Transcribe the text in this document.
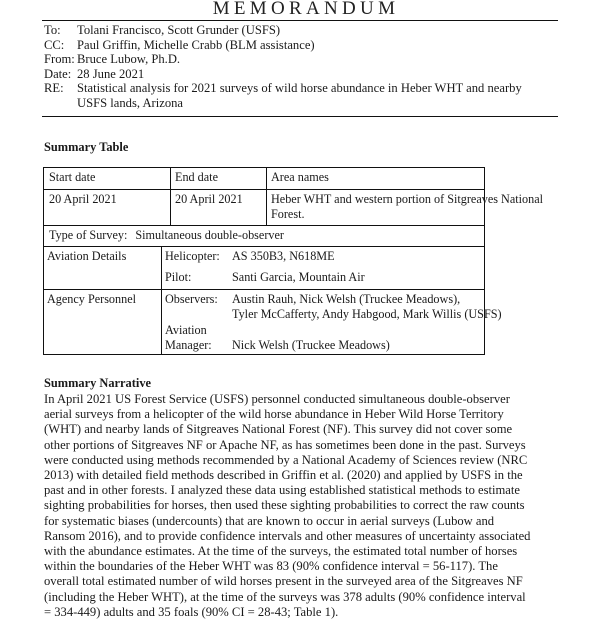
MEMORANDUM
To: Tolani Francisco, Scott Grunder (USFS)
CC: Paul Griffin, Michelle Crabb (BLM assistance)
From: Bruce Lubow, Ph.D.
Date: 28 June 2021
RE: Statistical analysis for 2021 surveys of wild horse abundance in Heber WHT and nearby
USFS lands, Arizona
Summary Table
Start date	End date	Area names
20 April 2021	20 April 2021 Heber WHT and western portion of Sitgreaves National
Forest.
Type of Survey: Simultaneous double-observer
Aviation Details	Helicopter: AS 350B3, N618ME
Pilot:	Santi Garcia, Mountain Air
Agency Personnel Observers: Austin Rauh, Nick Welsh (Truckee Meadows),
Tyler McCafferty, Andy Habgood, Mark Willis (USFS)
Aviation
Manager: Nick Welsh (Truckee Meadows)
Summary Narrative
In April 2021 US Forest Service (USFS) personnel conducted simultaneous double-observer
aerial surveys from a helicopter of the wild horse abundance in Heber Wild Horse Territory
(WHT) and nearby lands of Sitgreaves National Forest (NF). This survey did not cover some
other portions of Sitgreaves NF or Apache NF, as has sometimes been done in the past. Surveys
were conducted using methods recommended by a National Academy of Sciences review (NRC
2013) with detailed field methods described in Griffin et al. (2020) and applied by USFS in the
past and in other forests. I analyzed these data using established statistical methods to estimate
sighting probabilities for horses, then used these sighting probabilities to correct the raw counts
for systematic biases (undercounts) that are known to occur in aerial surveys (Lubow and
Ransom 2016), and to provide confidence intervals and other measures of uncertainty associated
with the abundance estimates. At the time of the surveys, the estimated total number of horses
within the boundaries of the Heber WHT was 83 (90% confidence interval = 56-117). The
overall total estimated number of wild horses present in the surveyed area of the Sitgreaves NF
(including the Heber WHT), at the time of the surveys was 378 adults (90% confidence interval
= 334-449) adults and 35 foals (90% CI = 28-43; Table 1).
